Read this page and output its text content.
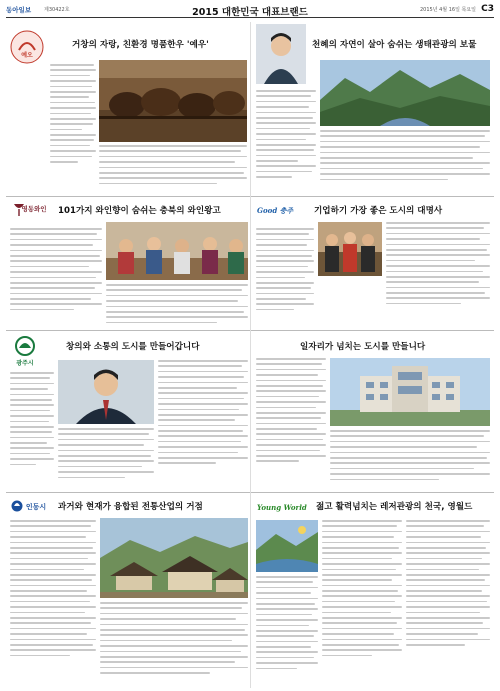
동아일보	제30422호	2015 대한민국 대표브랜드	2015년 4월 16일 목요일 C3
예오
거창의 자랑, 친환경 명품한우 '예우'	천혜의 자연이 살아 숨쉬는 생태관광의 보물
영동와인 101가지 와인향이 숨쉬는 충북의 와인왕고	Good 충주 기업하기 가장 좋은 도시의 대명사
광주시
창의와 소통의 도시를 만들어갑니다	일자리가 넘치는 도시를 만들니다
인동시 과거와 현재가 융합된 전통산업의 거점	Young World 젊고 활력넘치는 레저관광의 천국, 영월드
